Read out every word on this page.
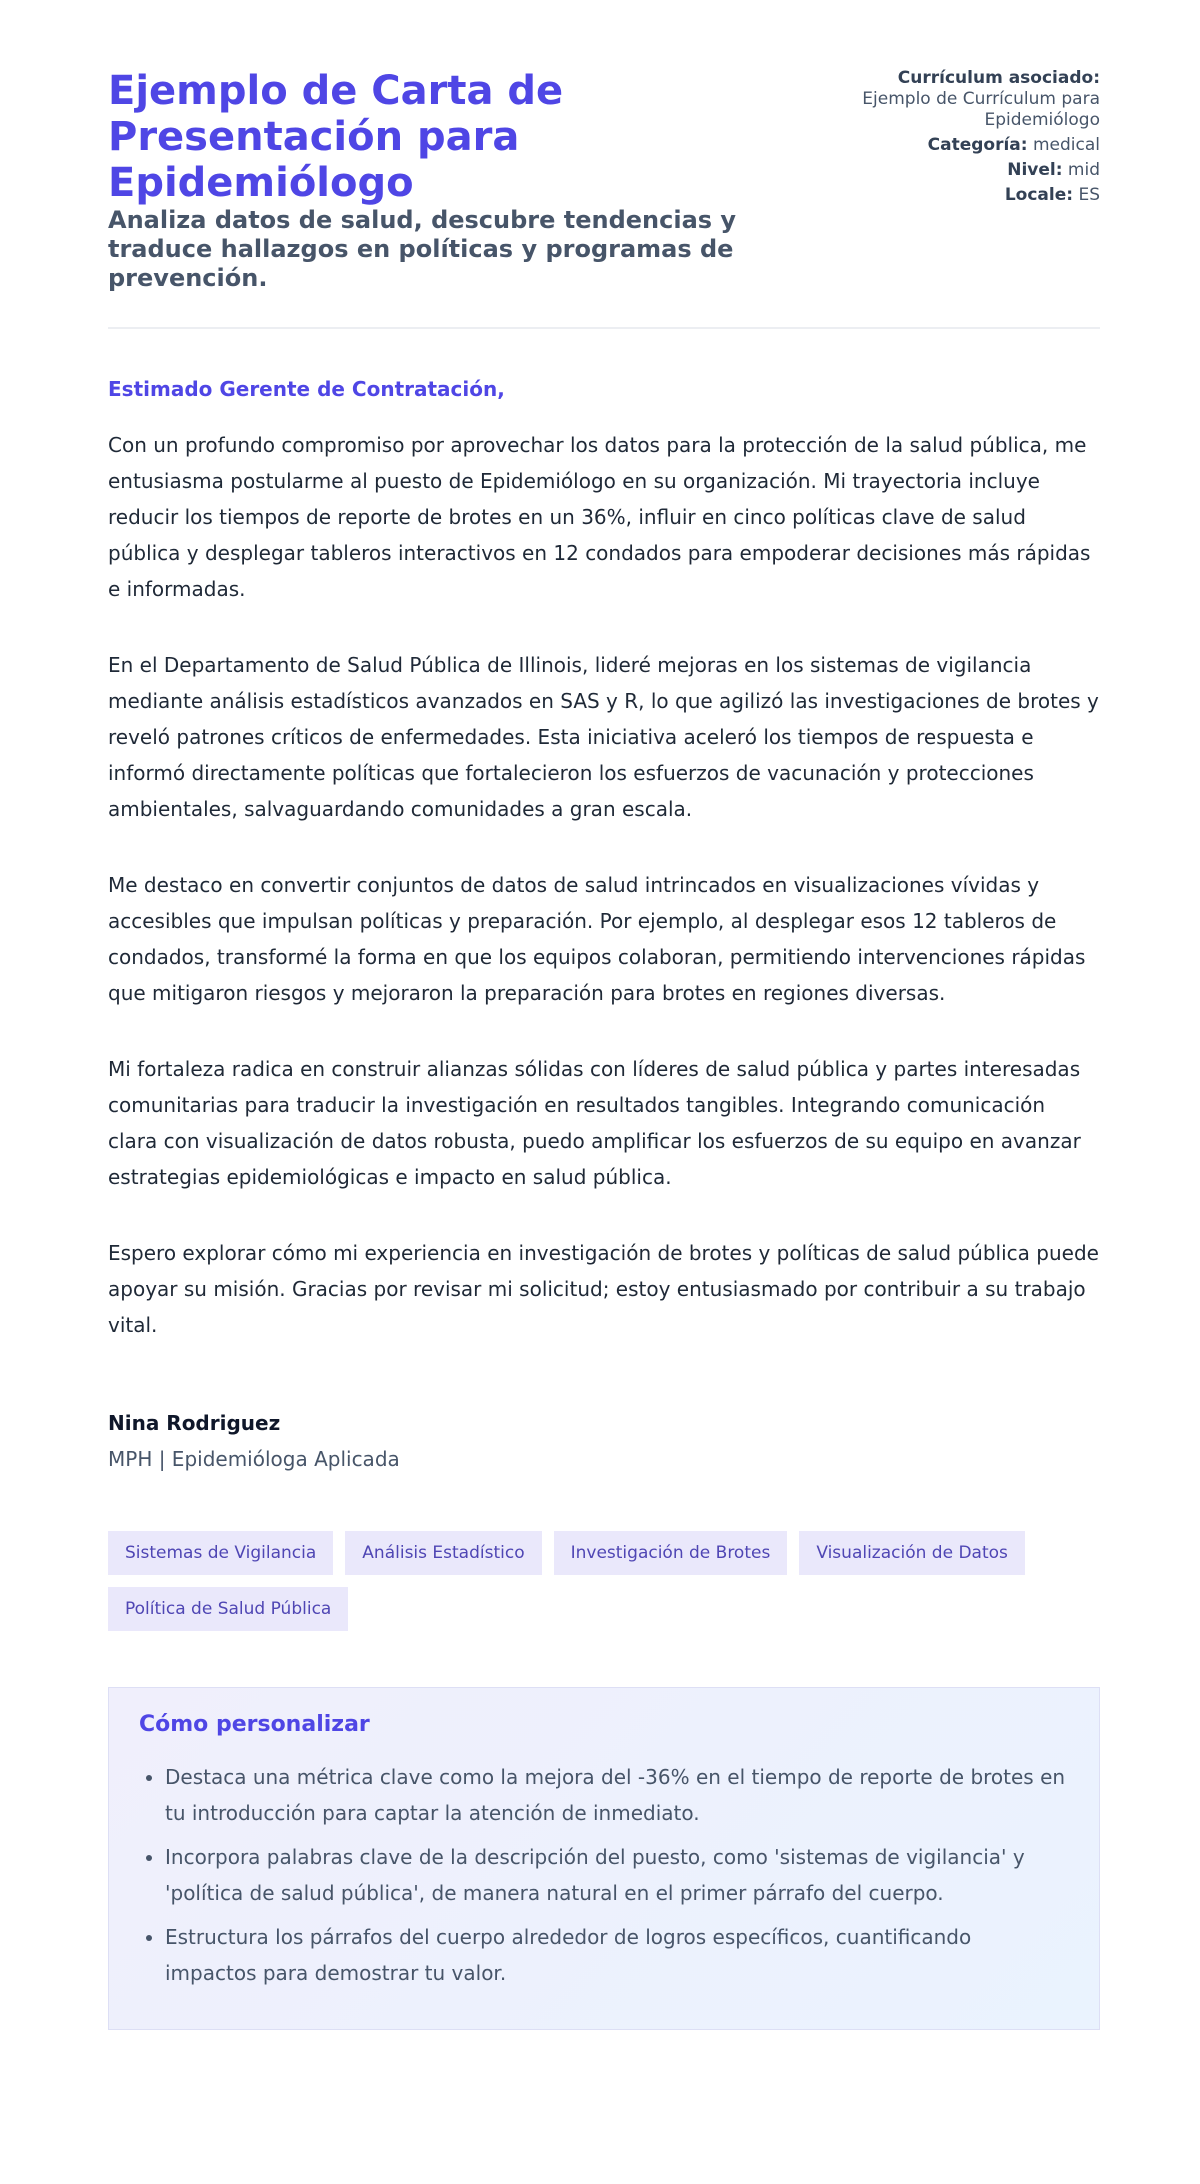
Ejemplo de Carta de Presentación para Epidemiólogo

Analiza datos de salud, descubre tendencias y traduce hallazgos en políticas y programas de prevención.

Currículum asociado:
Ejemplo de Currículum para Epidemiólogo
Categoría: medical
Nivel: mid
Locale: ES

Estimado Gerente de Contratación,

Con un profundo compromiso por aprovechar los datos para la protección de la salud pública, me entusiasma postularme al puesto de Epidemiólogo en su organización. Mi trayectoria incluye reducir los tiempos de reporte de brotes en un 36%, influir en cinco políticas clave de salud pública y desplegar tableros interactivos en 12 condados para empoderar decisiones más rápidas e informadas.

En el Departamento de Salud Pública de Illinois, lideré mejoras en los sistemas de vigilancia mediante análisis estadísticos avanzados en SAS y R, lo que agilizó las investigaciones de brotes y reveló patrones críticos de enfermedades. Esta iniciativa aceleró los tiempos de respuesta e informó directamente políticas que fortalecieron los esfuerzos de vacunación y protecciones ambientales, salvaguardando comunidades a gran escala.

Me destaco en convertir conjuntos de datos de salud intrincados en visualizaciones vívidas y accesibles que impulsan políticas y preparación. Por ejemplo, al desplegar esos 12 tableros de condados, transformé la forma en que los equipos colaboran, permitiendo intervenciones rápidas que mitigaron riesgos y mejoraron la preparación para brotes en regiones diversas.

Mi fortaleza radica en construir alianzas sólidas con líderes de salud pública y partes interesadas comunitarias para traducir la investigación en resultados tangibles. Integrando comunicación clara con visualización de datos robusta, puedo amplificar los esfuerzos de su equipo en avanzar estrategias epidemiológicas e impacto en salud pública.

Espero explorar cómo mi experiencia en investigación de brotes y políticas de salud pública puede apoyar su misión. Gracias por revisar mi solicitud; estoy entusiasmado por contribuir a su trabajo vital.

Nina Rodriguez
MPH | Epidemióloga Aplicada
Sistemas de Vigilancia	Análisis Estadístico	Investigación de Brotes	Visualización de Datos
Política de Salud Pública
Cómo personalizar
• Destaca una métrica clave como la mejora del -36% en el tiempo de reporte de brotes en tu introducción para captar la atención de inmediato.
• Incorpora palabras clave de la descripción del puesto, como 'sistemas de vigilancia' y 'política de salud pública', de manera natural en el primer párrafo del cuerpo.
• Estructura los párrafos del cuerpo alrededor de logros específicos, cuantificando impactos para demostrar tu valor.
